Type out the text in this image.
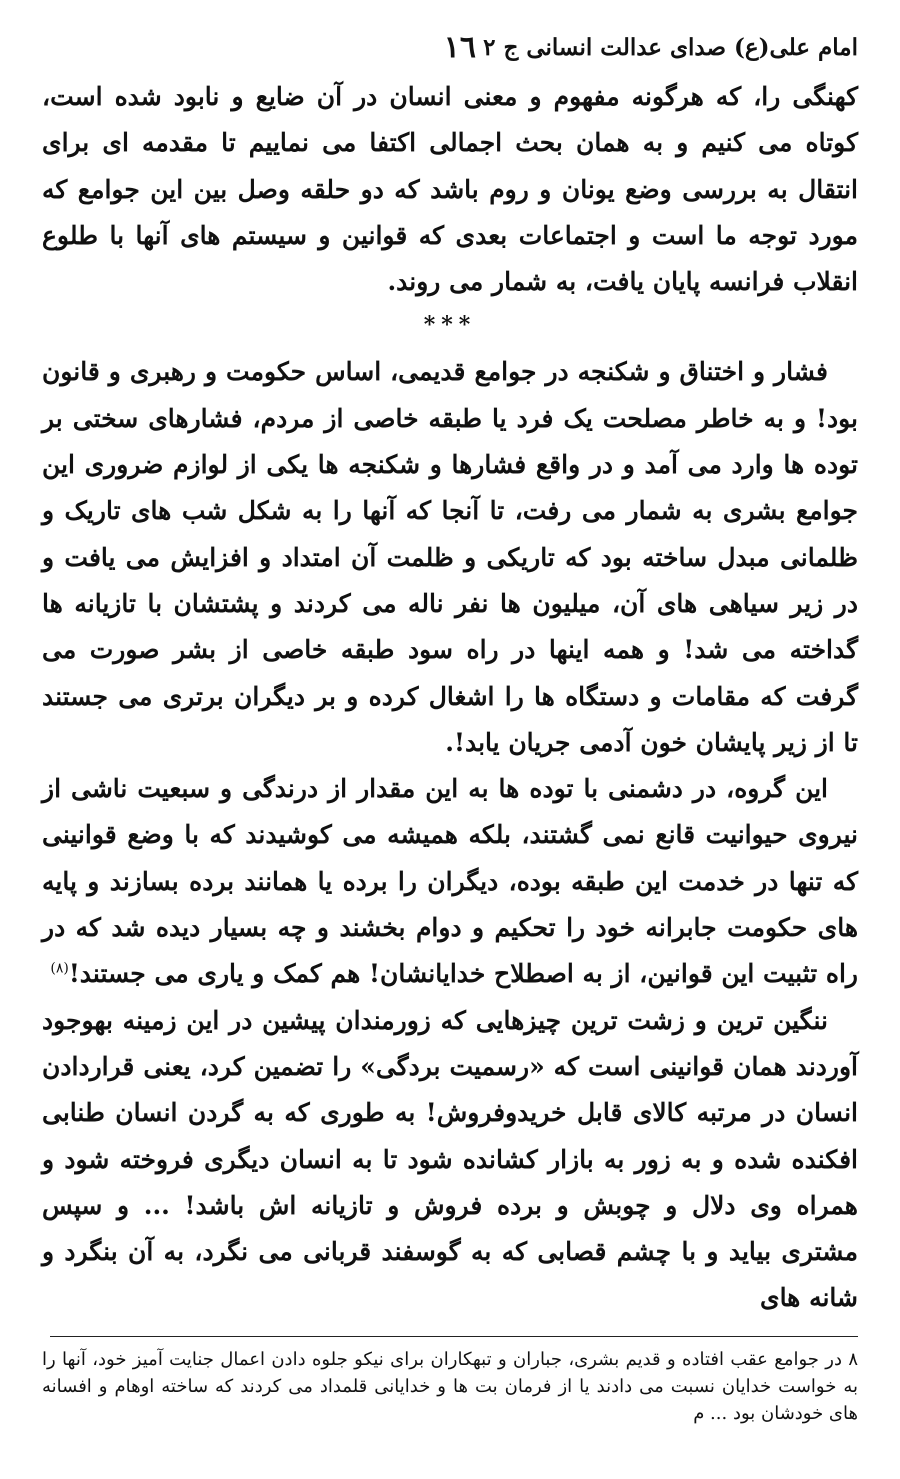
امام علی(ع) صدای عدالت انسانی ج ۲
١٦

کهنگی را، که هرگونه مفهوم و معنی انسان در آن ضایع و نابود شده است، کوتاه می کنیم و به همان بحث اجمالی اکتفا می نماییم تا مقدمه ای برای انتقال به بررسی وضع یونان و روم باشد که دو حلقه وصل بین این جوامع که مورد توجه ما است و اجتماعات بعدی که قوانین و سیستم های آنها با طلوع انقلاب فرانسه پایان یافت، به شمار می روند.

***

فشار و اختناق و شکنجه در جوامع قدیمی، اساس حکومت و رهبری و قانون بود! و به خاطر مصلحت یک فرد یا طبقه خاصی از مردم، فشارهای سختی بر توده ها وارد می آمد و در واقع فشارها و شکنجه ها یکی از لوازم ضروری این جوامع بشری به شمار می رفت، تا آنجا که آنها را به شکل شب های تاریک و ظلمانی مبدل ساخته بود که تاریکی و ظلمت آن امتداد و افزایش می یافت و در زیر سیاهی های آن، میلیون ها نفر ناله می کردند و پشتشان با تازیانه ها گداخته می شد! و همه اینها در راه سود طبقه خاصی از بشر صورت می گرفت که مقامات و دستگاه ها را اشغال کرده و بر دیگران برتری می جستند تا از زیر پایشان خون آدمی جریان یابد!.

این گروه، در دشمنی با توده ها به این مقدار از درندگی و سبعیت ناشی از نیروی حیوانیت قانع نمی گشتند، بلکه همیشه می کوشیدند که با وضع قوانینی که تنها در خدمت این طبقه بوده، دیگران را برده یا همانند برده بسازند و پایه های حکومت جابرانه خود را تحکیم و دوام بخشند و چه بسیار دیده شد که در راه تثبیت این قوانین، از به اصطلاح خدایانشان! هم کمک و یاری می جستند!$^{(٨)}$

ننگین ترین و زشت ترین چیزهایی که زورمندان پیشین در این زمینه بهوجود آوردند همان قوانینی است که «رسمیت بردگی» را تضمین کرد، یعنی قراردادن انسان در مرتبه کالای قابل خریدوفروش! به طوری که به گردن انسان طنابی افکنده شده و به زور به بازار کشانده شود تا به انسان دیگری فروخته شود و همراه وی دلال و چوبش و برده فروش و تازیانه اش باشد! ... و سپس مشتری بیاید و با چشم قصابی که به گوسفند قربانی می نگرد، به آن بنگرد و شانه های

٨ در جوامع عقب افتاده و قدیم بشری، جباران و تبهکاران برای نیکو جلوه دادن اعمال جنایت آمیز خود، آنها را به خواست خدایان نسبت می دادند یا از فرمان بت ها و خدایانی قلمداد می کردند که ساخته اوهام و افسانه های خودشان بود ... م
